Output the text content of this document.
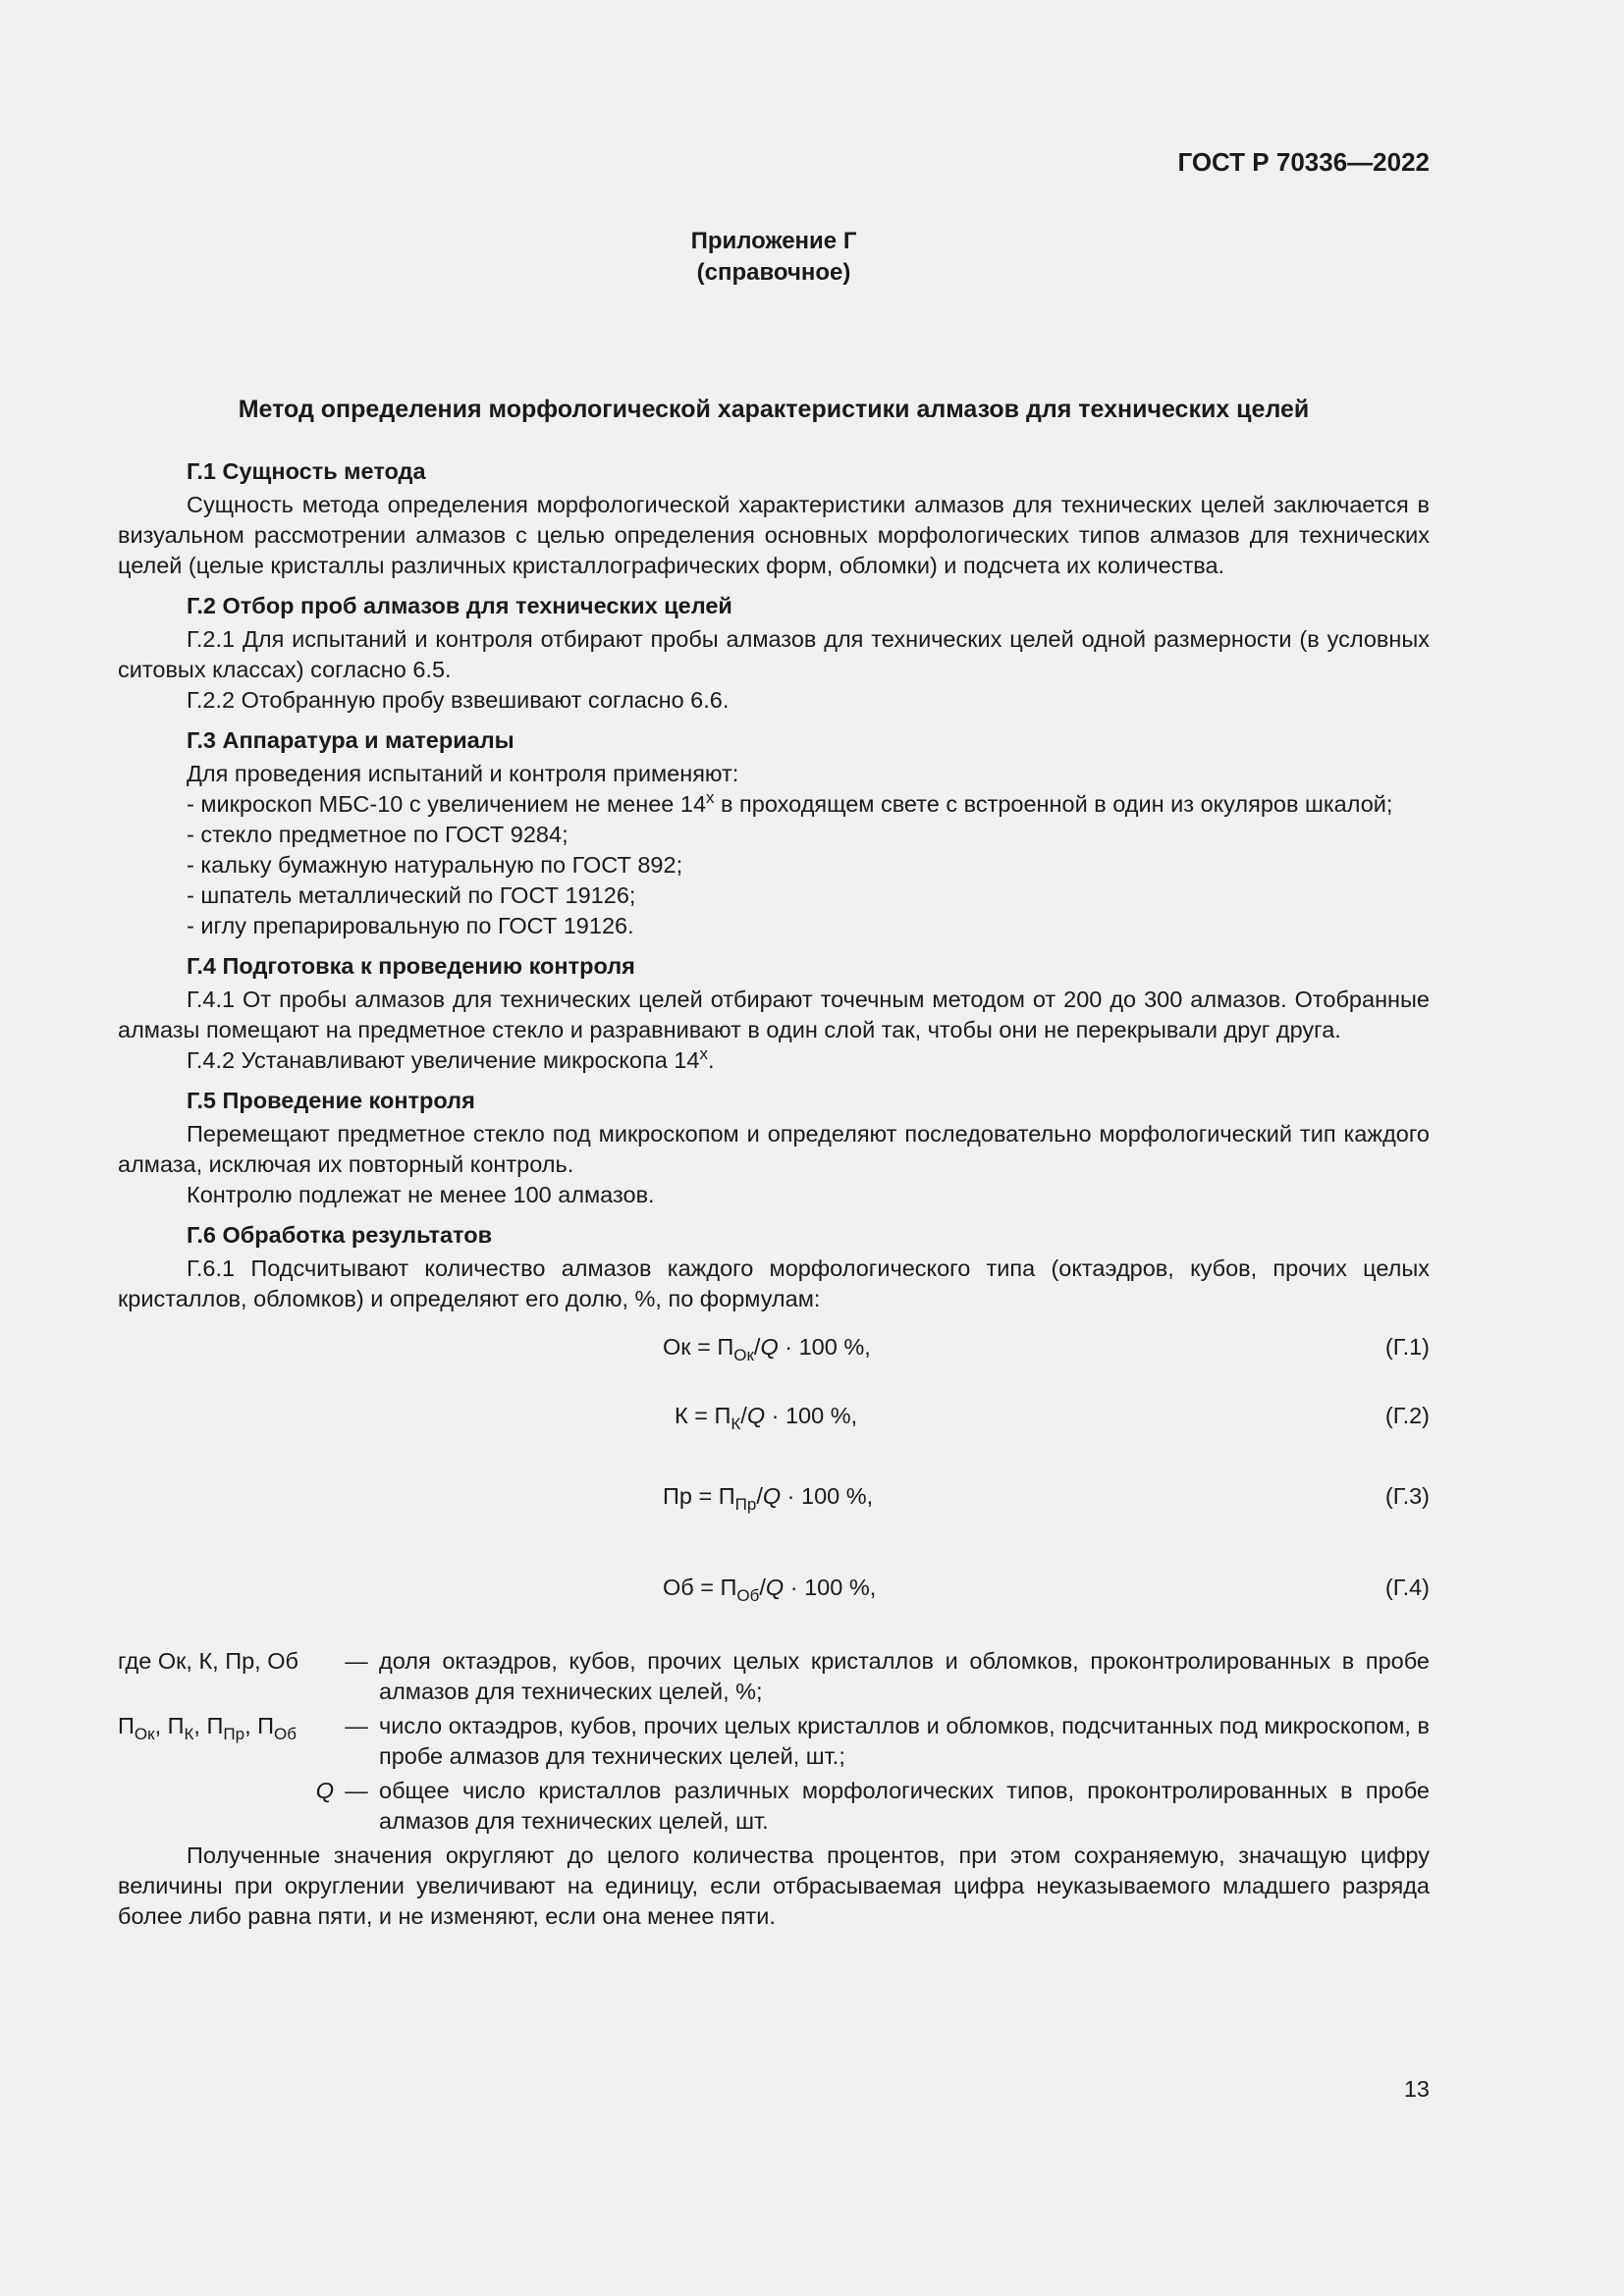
ГОСТ Р 70336—2022
Приложение Г
(справочное)
Метод определения морфологической характеристики алмазов для технических целей
Г.1 Сущность метода

Сущность метода определения морфологической характеристики алмазов для технических целей заключается в визуальном рассмотрении алмазов с целью определения основных морфологических типов алмазов для технических целей (целые кристаллы различных кристаллографических форм, обломки) и подсчета их количества.

Г.2 Отбор проб алмазов для технических целей

Г.2.1 Для испытаний и контроля отбирают пробы алмазов для технических целей одной размерности (в условных ситовых классах) согласно 6.5.

Г.2.2 Отобранную пробу взвешивают согласно 6.6.

Г.3 Аппаратура и материалы

Для проведения испытаний и контроля применяют:

- микроскоп МБС-10 с увеличением не менее $14^х$ в проходящем свете с встроенной в один из окуляров шкалой;

- стекло предметное по ГОСТ 9284;

- кальку бумажную натуральную по ГОСТ 892;

- шпатель металлический по ГОСТ 19126;

- иглу препарировальную по ГОСТ 19126.

Г.4 Подготовка к проведению контроля

Г.4.1 От пробы алмазов для технических целей отбирают точечным методом от 200 до 300 алмазов. Отобранные алмазы помещают на предметное стекло и разравнивают в один слой так, чтобы они не перекрывали друг друга.

Г.4.2 Устанавливают увеличение микроскопа $14^х$.

Г.5 Проведение контроля

Перемещают предметное стекло под микроскопом и определяют последовательно морфологический тип каждого алмаза, исключая их повторный контроль.

Контролю подлежат не менее 100 алмазов.

Г.6 Обработка результатов

Г.6.1 Подсчитывают количество алмазов каждого морфологического типа (октаэдров, кубов, прочих целых кристаллов, обломков) и определяют его долю, %, по формулам:

Ок = $П_{Ок}/Q \cdot 100$ %,	(Г.1)
$К = П_К/Q \cdot 100$ %,	(Г.2)
Пр = $П_{Пр}/Q \cdot 100$ %,	(Г.3)
Об = $П_{Об}/Q \cdot 100$ %,	(Г.4)
где Ок, К, Пр, Об	— доля октаэдров, кубов, прочих целых кристаллов и обломков, проконтролированных в пробе алмазов для технических целей, %;
$П_{Ок}$, $П_К$, $П_{Пр}$, $П_{Об}$	— число октаэдров, кубов, прочих целых кристаллов и обломков, подсчитанных под микроскопом, в пробе алмазов для технических целей, шт.;
Q — общее число кристаллов различных морфологических типов, проконтролированных в пробе алмазов для технических целей, шт.

Полученные значения округляют до целого количества процентов, при этом сохраняемую, значащую цифру величины при округлении увеличивают на единицу, если отбрасываемая цифра неуказываемого младшего разряда более либо равна пяти, и не изменяют, если она менее пяти.

13
